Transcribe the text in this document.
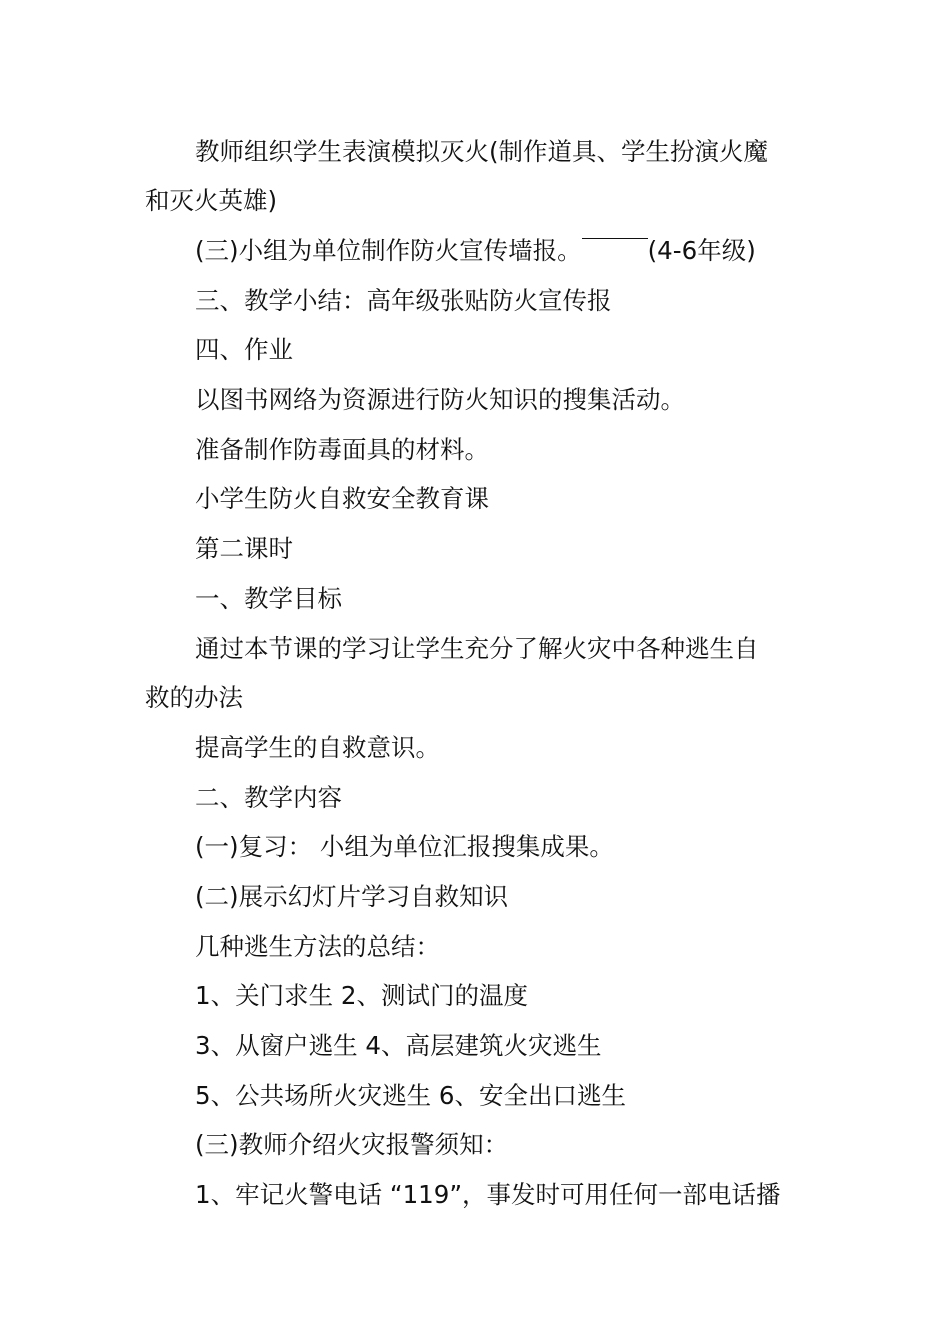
教师组织学生表演模拟灭火(制作道具、学生扮演火魔
和灭火英雄)
(三)小组为单位制作防火宣传墙报。	(4-6年级)
三、教学小结：高年级张贴防火宣传报
四、作业
以图书网络为资源进行防火知识的搜集活动。
准备制作防毒面具的材料。
小学生防火自救安全教育课
第二课时
一、教学目标
通过本节课的学习让学生充分了解火灾中各种逃生自
救的办法
提高学生的自救意识。
二、教学内容
(一)复习： 小组为单位汇报搜集成果。
(二)展示幻灯片学习自救知识
几种逃生方法的总结：
1、关门求生 2、测试门的温度
3、从窗户逃生 4、高层建筑火灾逃生
5、公共场所火灾逃生 6、安全出口逃生
(三)教师介绍火灾报警须知：
1、牢记火警电话 “119”，事发时可用任何一部电话播
